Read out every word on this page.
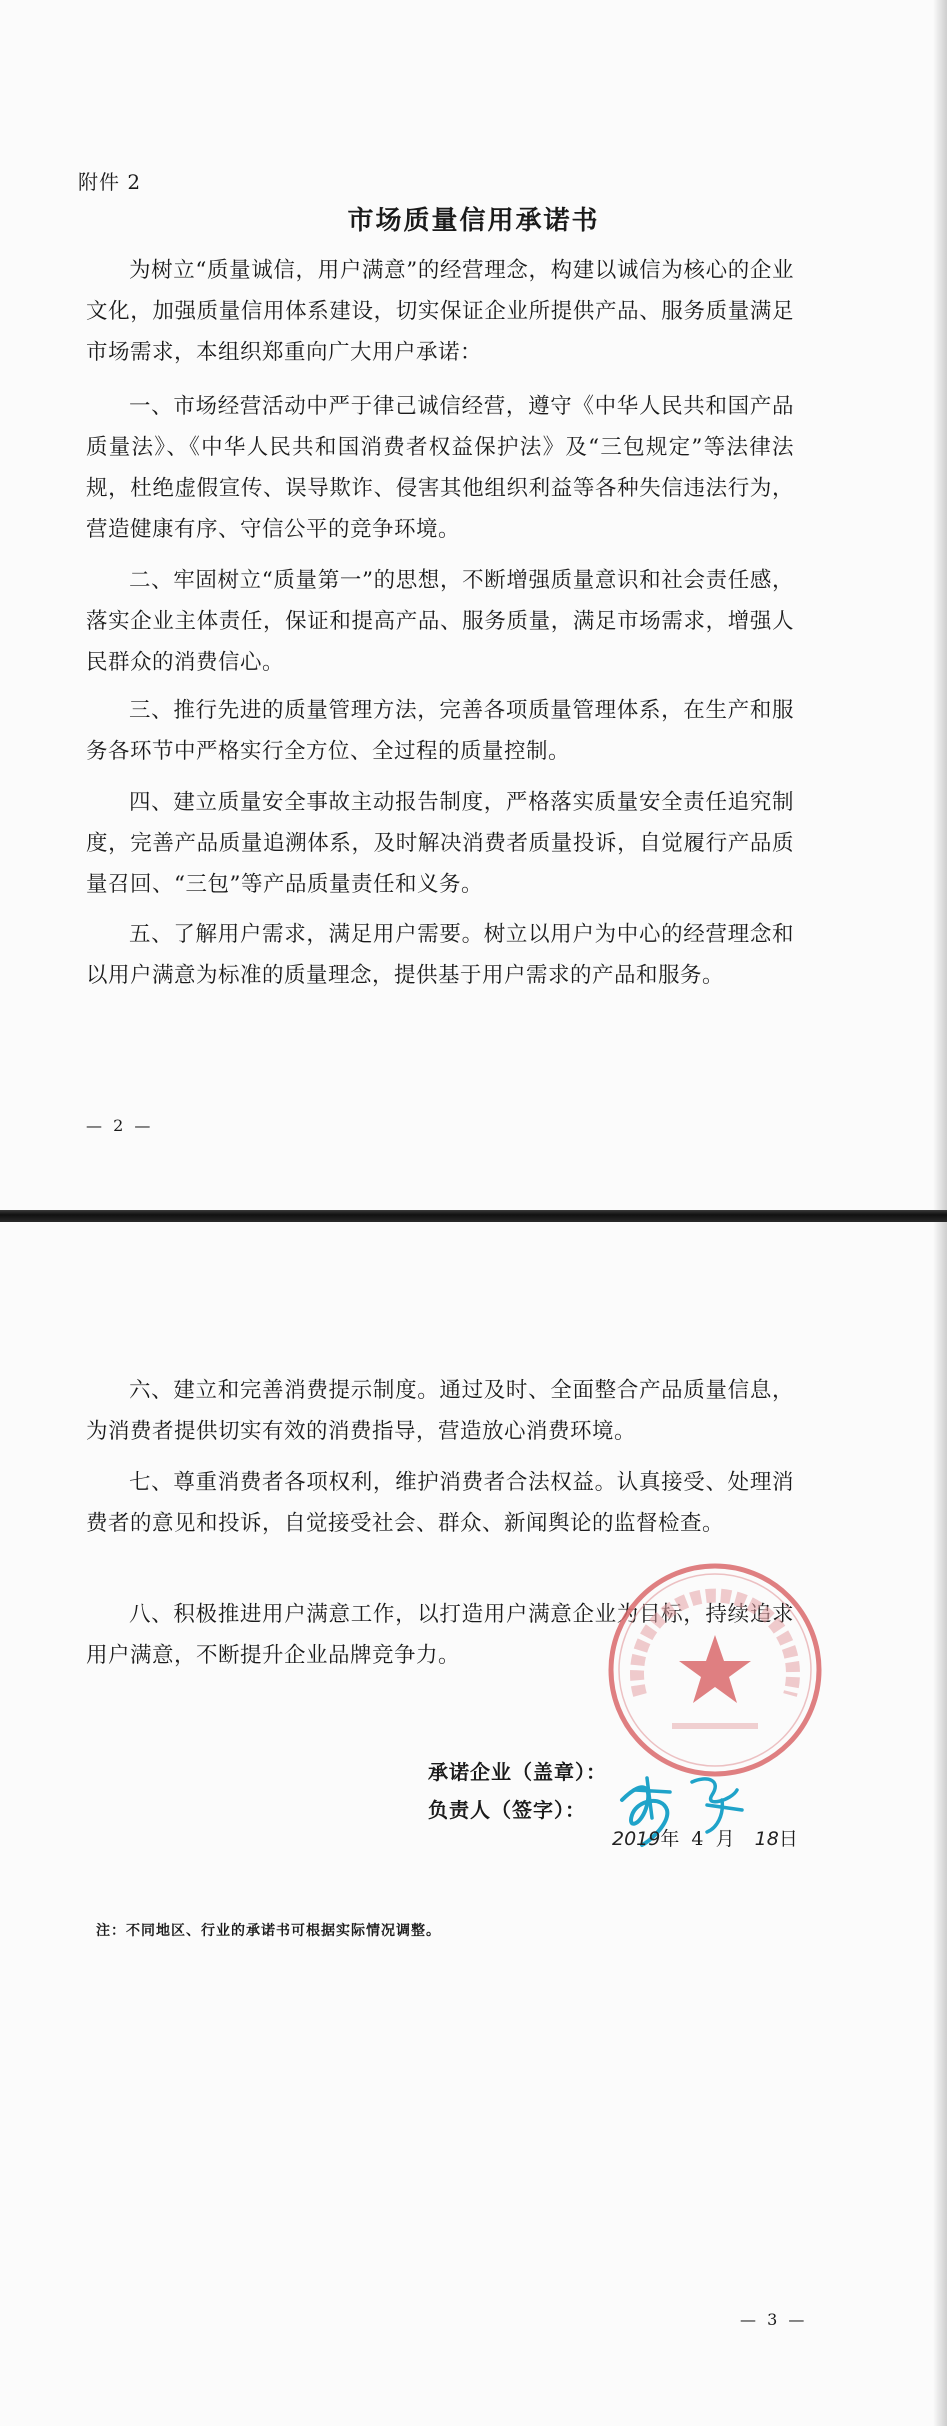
附件 2
市场质量信用承诺书

为树立“质量诚信，用户满意”的经营理念，构建以诚信为核心的企业文化，加强质量信用体系建设，切实保证企业所提供产品、服务质量满足市场需求，本组织郑重向广大用户承诺：

一、市场经营活动中严于律己诚信经营，遵守《中华人民共和国产品质量法》、《中华人民共和国消费者权益保护法》及“三包规定”等法律法规，杜绝虚假宣传、误导欺诈、侵害其他组织利益等各种失信违法行为，营造健康有序、守信公平的竞争环境。

二、牢固树立“质量第一”的思想，不断增强质量意识和社会责任感，落实企业主体责任，保证和提高产品、服务质量，满足市场需求，增强人民群众的消费信心。

三、推行先进的质量管理方法，完善各项质量管理体系，在生产和服务各环节中严格实行全方位、全过程的质量控制。

四、建立质量安全事故主动报告制度，严格落实质量安全责任追究制度，完善产品质量追溯体系，及时解决消费者质量投诉，自觉履行产品质量召回、“三包”等产品质量责任和义务。

五、了解用户需求，满足用户需要。树立以用户为中心的经营理念和以用户满意为标准的质量理念，提供基于用户需求的产品和服务。

— 2 —

六、建立和完善消费提示制度。通过及时、全面整合产品质量信息，为消费者提供切实有效的消费指导，营造放心消费环境。

七、尊重消费者各项权利，维护消费者合法权益。认真接受、处理消费者的意见和投诉，自觉接受社会、群众、新闻舆论的监督检查。

八、积极推进用户满意工作，以打造用户满意企业为目标，持续追求用户满意，不断提升企业品牌竞争力。

— 3 —
承诺企业（盖章）：
负责人（签字）：
2019年 4 月 18日
注：不同地区、行业的承诺书可根据实际情况调整。
